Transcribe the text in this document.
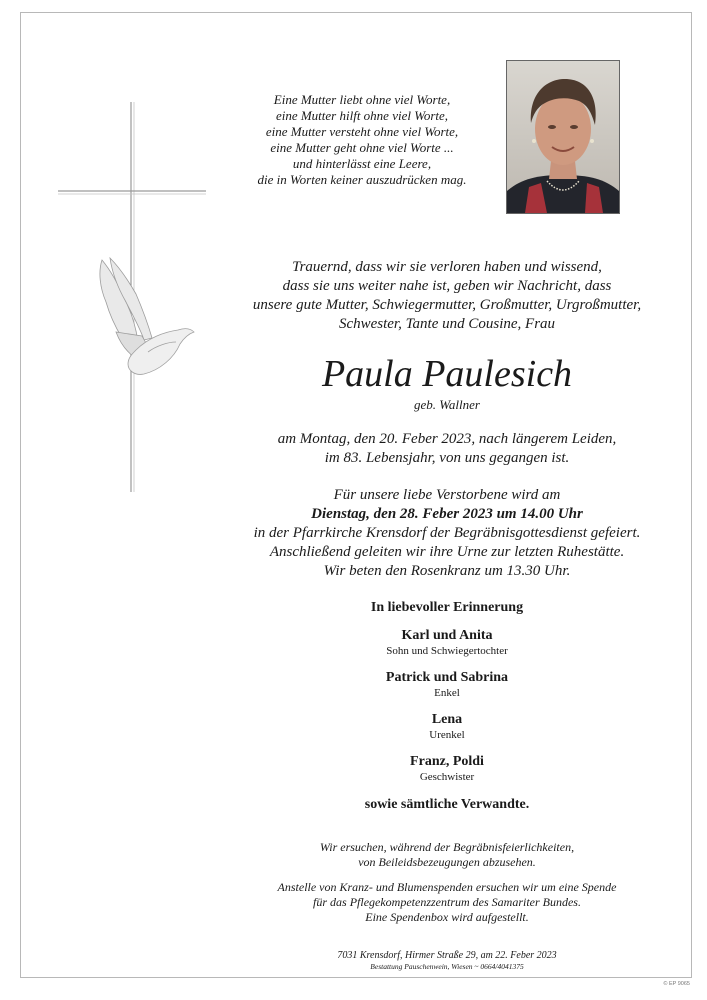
Eine Mutter liebt ohne viel Worte,
eine Mutter hilft ohne viel Worte,
eine Mutter versteht ohne viel Worte,
eine Mutter geht ohne viel Worte ...
und hinterlässt eine Leere,
die in Worten keiner auszudrücken mag.
Trauernd, dass wir sie verloren haben und wissend,
dass sie uns weiter nahe ist, geben wir Nachricht, dass
unsere gute Mutter, Schwiegermutter, Großmutter, Urgroßmutter,
Schwester, Tante und Cousine, Frau
Paula Paulesich
geb. Wallner
am Montag, den 20. Feber 2023, nach längerem Leiden,
im 83. Lebensjahr, von uns gegangen ist.
Für unsere liebe Verstorbene wird am
Dienstag, den 28. Feber 2023 um 14.00 Uhr
in der Pfarrkirche Krensdorf der Begräbnisgottesdienst gefeiert.
Anschließend geleiten wir ihre Urne zur letzten Ruhestätte.
Wir beten den Rosenkranz um 13.30 Uhr.
In liebevoller Erinnerung
Karl und Anita
Sohn und Schwiegertochter
Patrick und Sabrina
Enkel
Lena
Urenkel
Franz, Poldi
Geschwister
sowie sämtliche Verwandte.
Wir ersuchen, während der Begräbnisfeierlichkeiten,
von Beileidsbezeugungen abzusehen.
Anstelle von Kranz- und Blumenspenden ersuchen wir um eine Spende
für das Pflegekompetenzzentrum des Samariter Bundes.
Eine Spendenbox wird aufgestellt.
7031 Krensdorf, Hirmer Straße 29, am 22. Feber 2023
Bestattung Pauschenwein, Wiesen ~ 0664/4041375
© EP 9065
